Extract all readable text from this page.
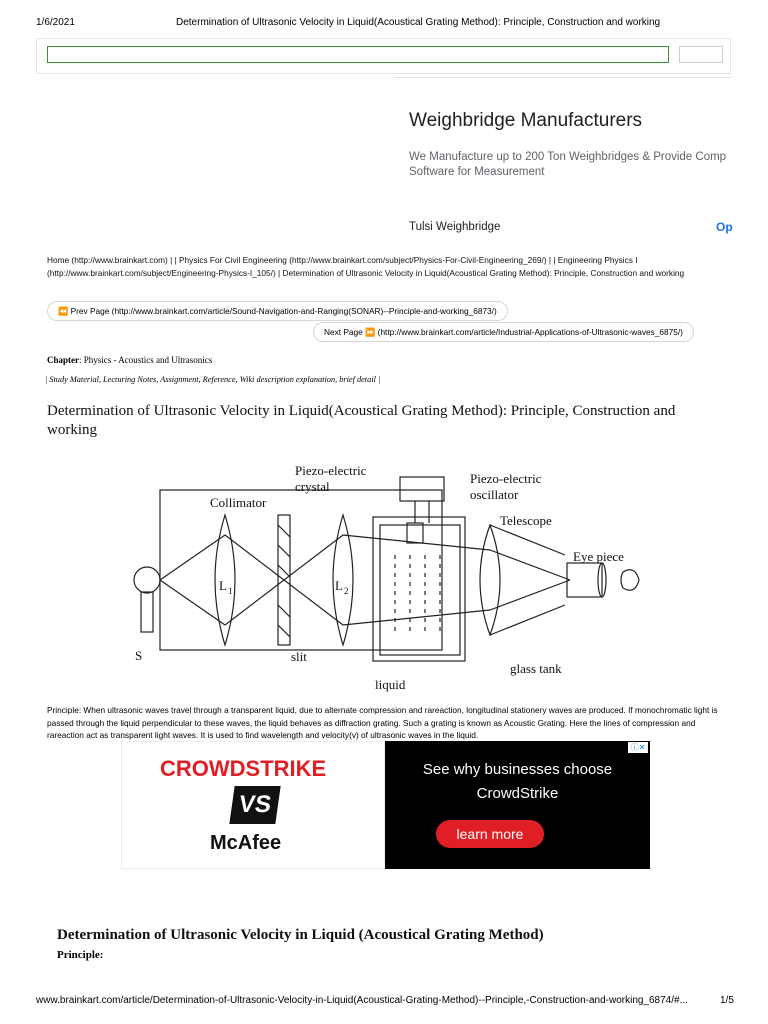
1/6/2021	Determination of Ultrasonic Velocity in Liquid(Acoustical Grating Method): Principle, Construction and working
Weighbridge Manufacturers
We Manufacture up to 200 Ton Weighbridges & Provide Comp
Software for Measurement
Tulsi Weighbridge	Op
Home (http://www.brainkart.com) | | Physics For Civil Engineering (http://www.brainkart.com/subject/Physics-For-Civil-Engineering_269/) | | Engineering Physics I (http://www.brainkart.com/subject/Engineering-Physics-I_105/) | Determination of Ultrasonic Velocity in Liquid(Acoustical Grating Method): Principle, Construction and working
⏪ Prev Page (http://www.brainkart.com/article/Sound-Navigation-and-Ranging(SONAR)--Principle-and-working_6873/)
Next Page ⏩ (http://www.brainkart.com/article/Industrial-Applications-of-Ultrasonic-waves_6875/)
Chapter: Physics - Acoustics and Ultrasonics
| Study Material, Lecturing Notes, Assignment, Reference, Wiki description explanation, brief detail |
Determination of Ultrasonic Velocity in Liquid(Acoustical Grating Method): Principle, Construction and working
Piezo-electric
crystal
Piezo-electric
oscillator
Collimator
Telescope
Eye piece
L 1	L 2
S	slit
glass tank
liquid
Principle: When ultrasonic waves travel through a transparent liquid, due to alternate compression and rareaction, longitudinal stationery waves are produced. If monochromatic light is passed through the liquid perpendicular to these waves, the liquid behaves as diffraction grating. Such a grating is known as Acoustic Grating. Here the lines of compression and rareaction act as transparent light waves. It is used to find wavelength and velocity(v) of ultrasonic waves in the liquid.
CROWDSTRIKE
VS
McAfee
See why businesses choose
CrowdStrike
learn more
ⓘ✕
Determination of Ultrasonic Velocity in Liquid (Acoustical Grating Method)
Principle:
www.brainkart.com/article/Determination-of-Ultrasonic-Velocity-in-Liquid(Acoustical-Grating-Method)--Principle,-Construction-and-working_6874/#...	1/5
